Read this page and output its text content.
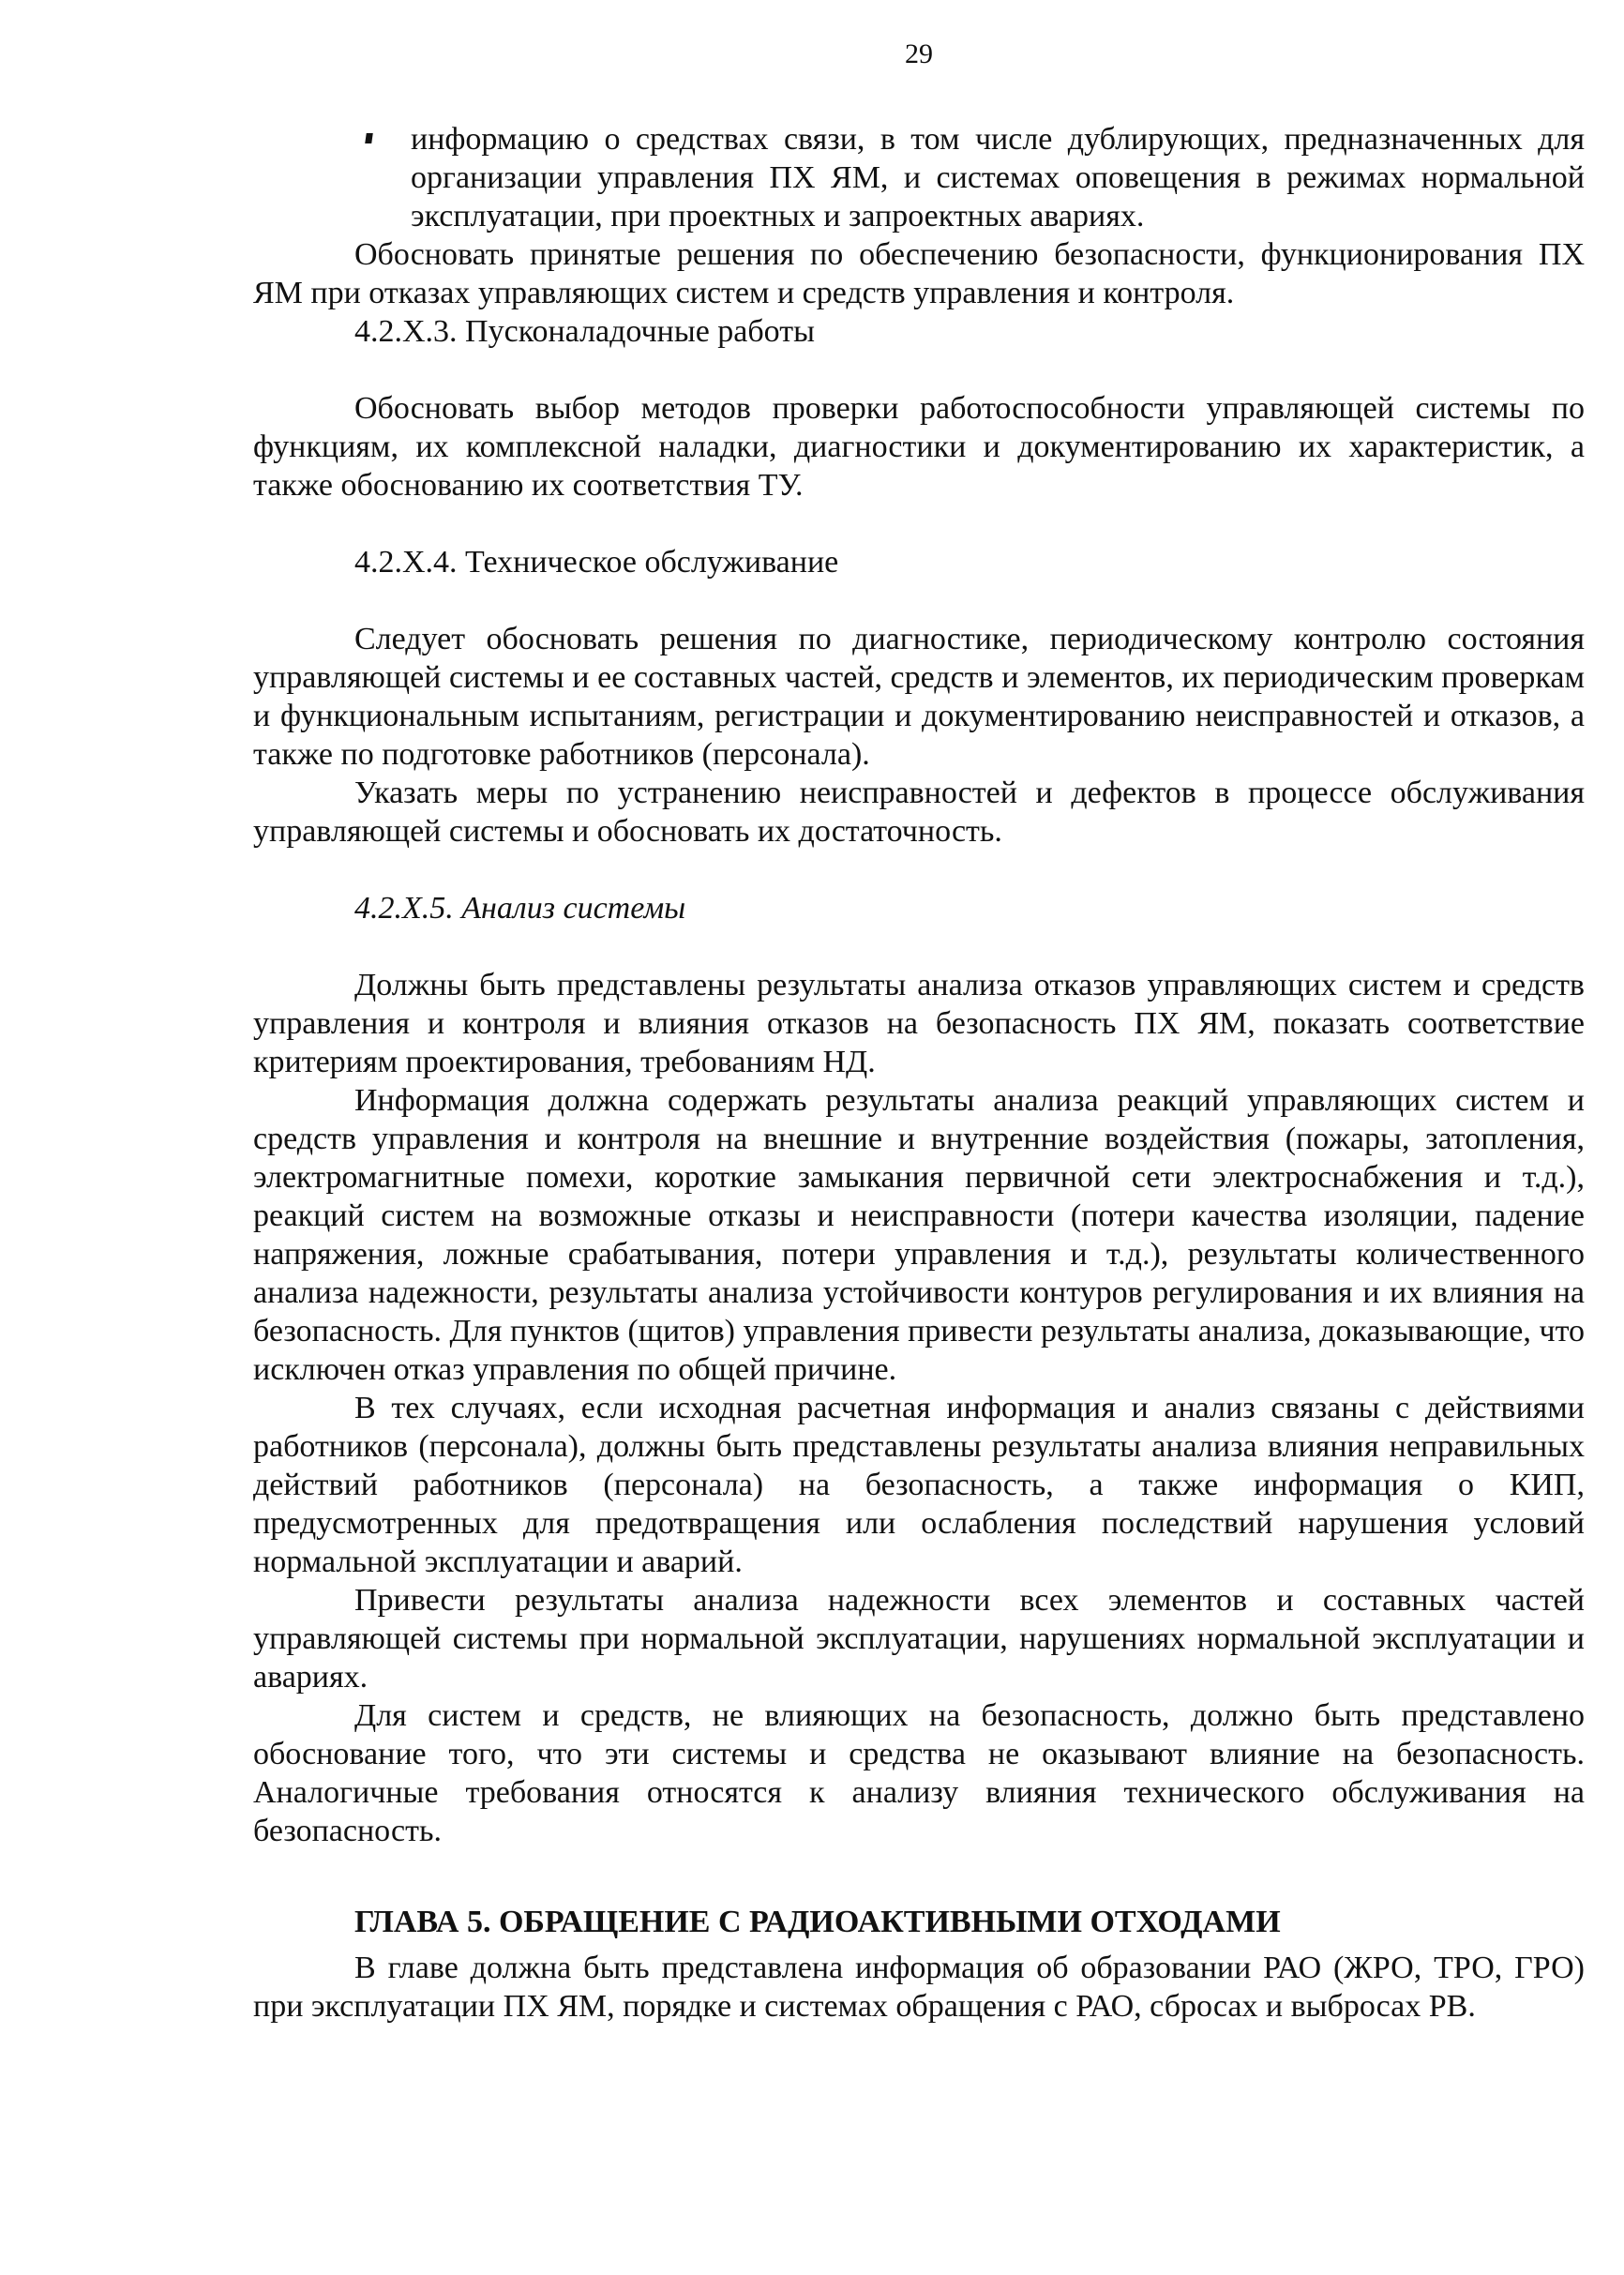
29

информацию о средствах связи, в том числе дублирующих, предназначенных для организации управления ПХ ЯМ, и системах оповещения в режимах нормальной эксплуатации, при проектных и запроектных авариях.

Обосновать принятые решения по обеспечению безопасности, функционирования ПХ ЯМ при отказах управляющих систем и средств управления и контроля.

4.2.Х.3. Пусконаладочные работы

Обосновать выбор методов проверки работоспособности управляющей системы по функциям, их комплексной наладки, диагностики и документированию их характеристик, а также обоснованию их соответствия ТУ.

4.2.Х.4. Техническое обслуживание

Следует обосновать решения по диагностике, периодическому контролю состояния управляющей системы и ее составных частей, средств и элементов, их периодическим проверкам и функциональным испытаниям, регистрации и документированию неисправностей и отказов, а также по подготовке работников (персонала).

Указать меры по устранению неисправностей и дефектов в процессе обслуживания управляющей системы и обосновать их достаточность.

4.2.Х.5. Анализ системы

Должны быть представлены результаты анализа отказов управляющих систем и средств управления и контроля и влияния отказов на безопасность ПХ ЯМ, показать соответствие критериям проектирования, требованиям НД.

Информация должна содержать результаты анализа реакций управляющих систем и средств управления и контроля на внешние и внутренние воздействия (пожары, затопления, электромагнитные помехи, короткие замыкания первичной сети электроснабжения и т.д.), реакций систем на возможные отказы и неисправности (потери качества изоляции, падение напряжения, ложные срабатывания, потери управления и т.д.), результаты количественного анализа надежности, результаты анализа устойчивости контуров регулирования и их влияния на безопасность. Для пунктов (щитов) управления привести результаты анализа, доказывающие, что исключен отказ управления по общей причине.

В тех случаях, если исходная расчетная информация и анализ связаны с действиями работников (персонала), должны быть представлены результаты анализа влияния неправильных действий работников (персонала) на безопасность, а также информация о КИП, предусмотренных для предотвращения или ослабления последствий нарушения условий нормальной эксплуатации и аварий.

Привести результаты анализа надежности всех элементов и составных частей управляющей системы при нормальной эксплуатации, нарушениях нормальной эксплуатации и авариях.

Для систем и средств, не влияющих на безопасность, должно быть представлено обоснование того, что эти системы и средства не оказывают влияние на безопасность. Аналогичные требования относятся к анализу влияния технического обслуживания на безопасность.

ГЛАВА 5. ОБРАЩЕНИЕ С РАДИОАКТИВНЫМИ ОТХОДАМИ

В главе должна быть представлена информация об образовании РАО (ЖРО, ТРО, ГРО) при эксплуатации ПХ ЯМ, порядке и системах обращения с РАО, сбросах и выбросах РВ.
